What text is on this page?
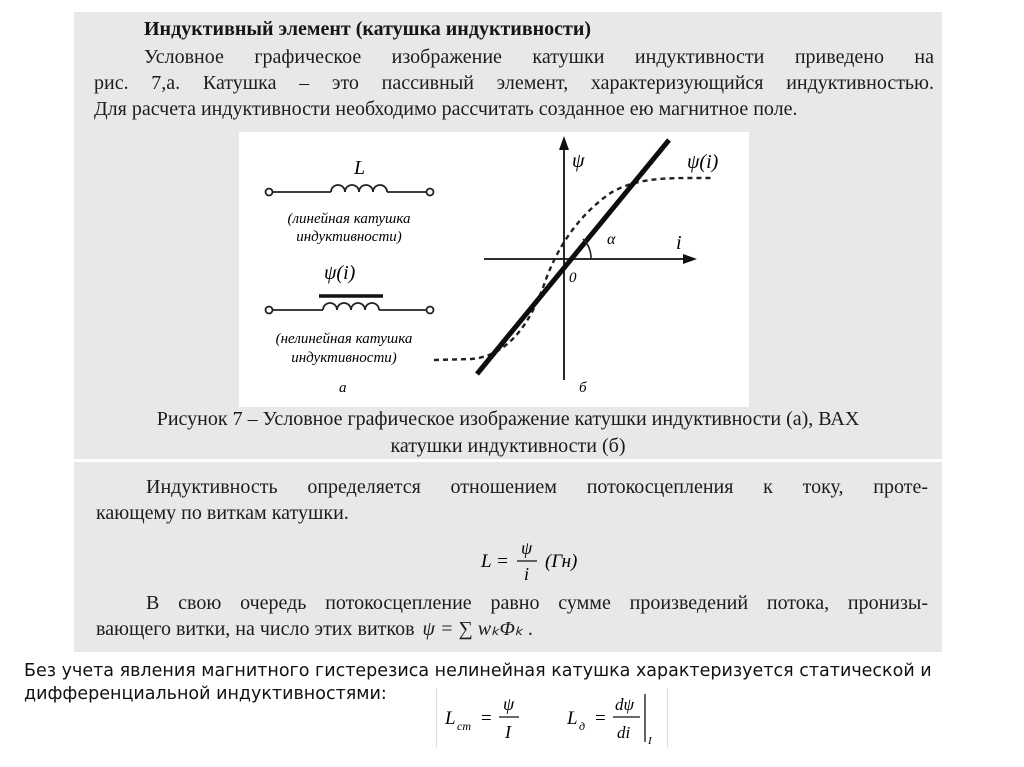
Индуктивный элемент (катушка индуктивности)
Условное графическое изображение катушки индуктивности приведено на
рис. 7,а. Катушка – это пассивный элемент, характеризующийся индуктивностью.
Для расчета индуктивности необходимо рассчитать созданное ею магнитное поле.
L
(линейная катушка
индуктивности)
ψ(i)
(нелинейная катушка
индуктивности)
а
ψ
i
0
α
ψ(i)
б
Рисунок 7 – Условное графическое изображение катушки индуктивности (а), ВАХ
катушки индуктивности (б)
Индуктивность определяется отношением потокосцепления к току, проте-
кающему по виткам катушки.
L =
ψ
i
(Гн)
В свою очередь потокосцепление равно сумме произведений потока, пронизы-
вающего витки, на число этих витков ψ = ∑ wₖΦₖ .
Без учета явления магнитного гистерезиса нелинейная катушка характеризуется статической и дифференциальной индуктивностями:
L ст =
ψ
I
L д =
dψ
di I
